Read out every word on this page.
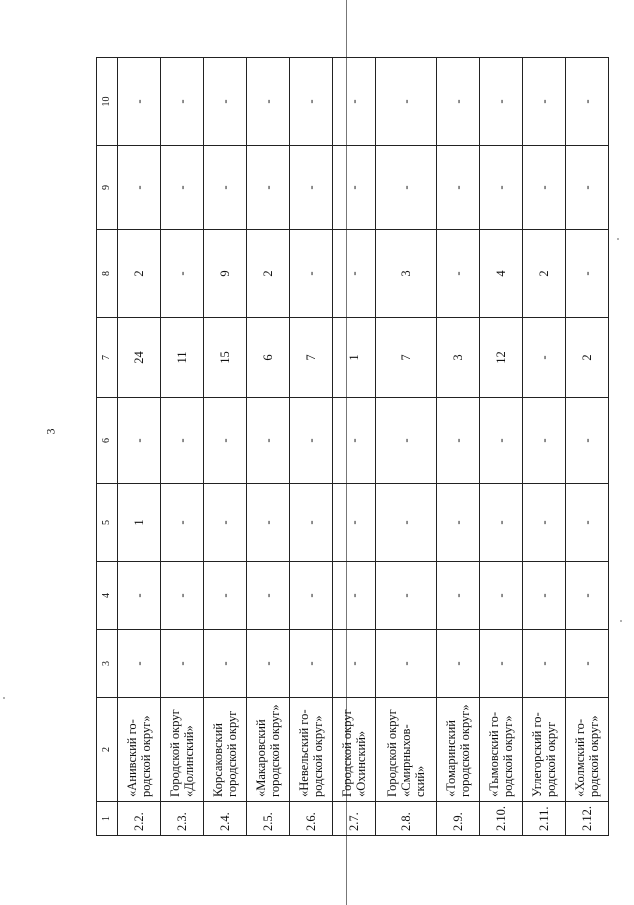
3
1	2	3	4	5	6	7	8	9	10
2.2.	«Анивский го-родской округ»	-	-	1	-	24	2	-	-
2.3.	Городской округ «Долинский»	-	-	-	-	11	-	-	-
2.4.	Корсаковский городской округ	-	-	-	-	15	9	-	-
2.5.	«Макаровский городской округ»	-	-	-	-	6	2	-	-
2.6.	«Невельский го-родской округ»	-	-	-	-	7	-	-	-
2.7.	Городской округ «Охинский»	-	-	-	-	1	-	-	-
2.8.	Городской округ «Смирныхов-ский»	-	-	-	-	7	3	-	-
2.9.	«Томаринский городской округ»	-	-	-	-	3	-	-	-
2.10.	«Тымовский го-родской округ»	-	-	-	-	12	4	-	-
2.11.	Углегорский го-родской округ	-	-	-	-	-	2	-	-
2.12.	«Холмский го-родской округ»	-	-	-	-	2	-	-	-
